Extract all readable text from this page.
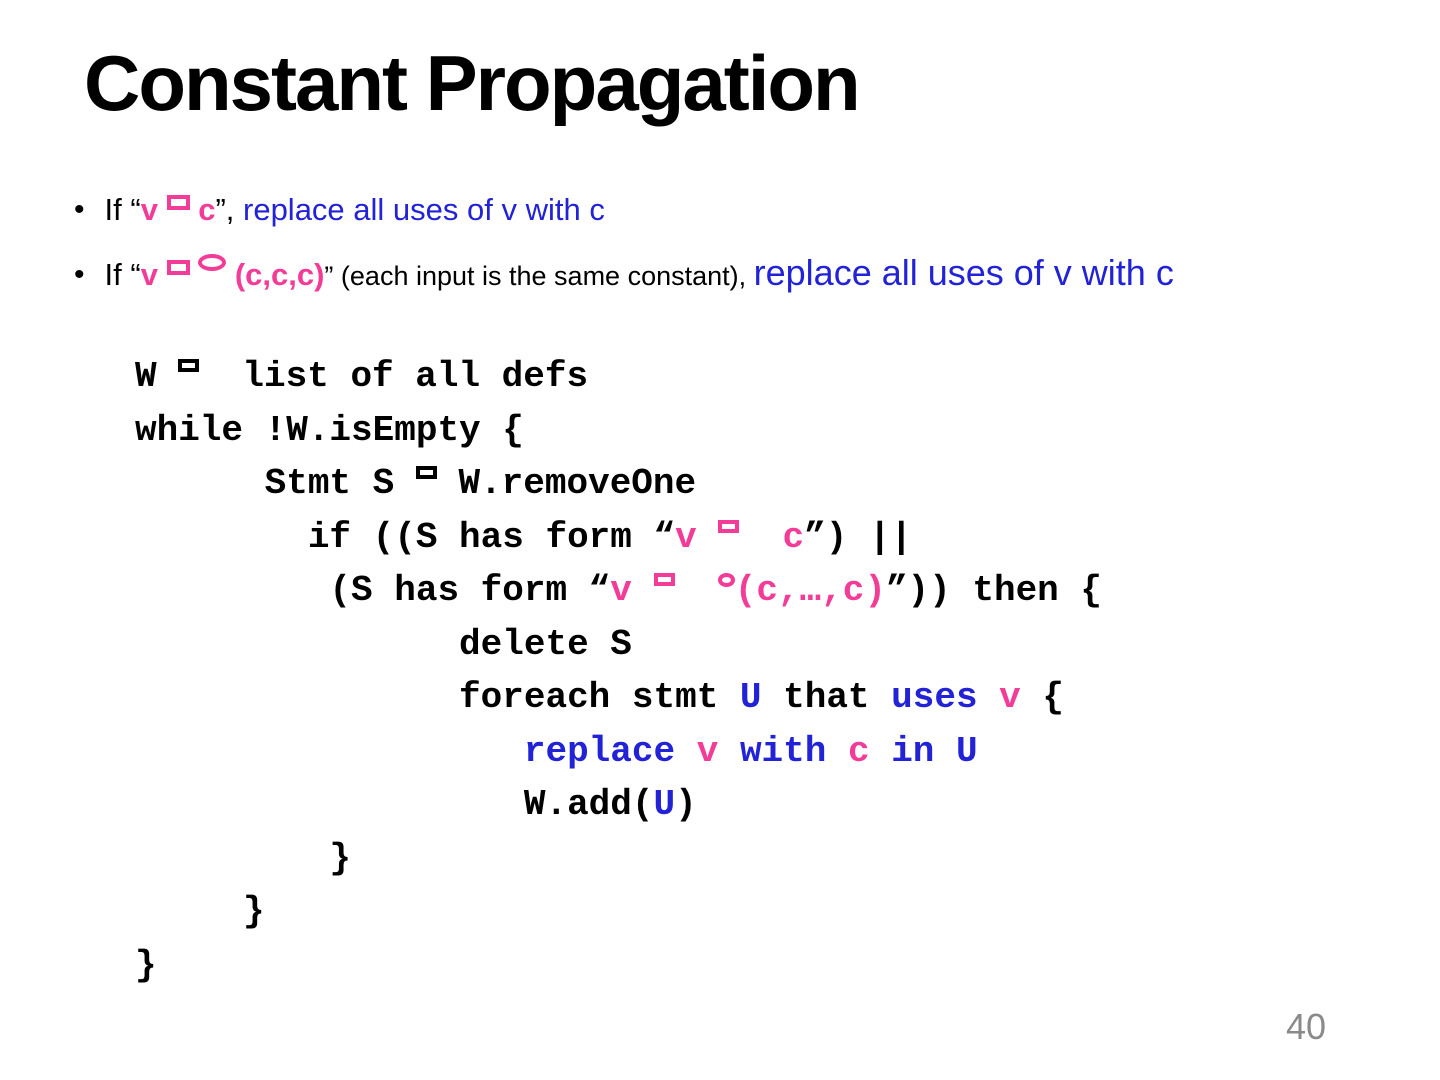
Constant Propagation
• If “v c”, replace all uses of v with c
• If “v (c,c,c)” (each input is the same constant), replace all uses of v with c
W   list of all defs
while !W.isEmpty {
Stmt S  W.removeOne
if ((S has form “v c”) ||
(S has form “v	(c,…,c)”)) then {
delete S
foreach stmt U that uses v {
replace v with c in U
W.add(U)
}
}
}
40
